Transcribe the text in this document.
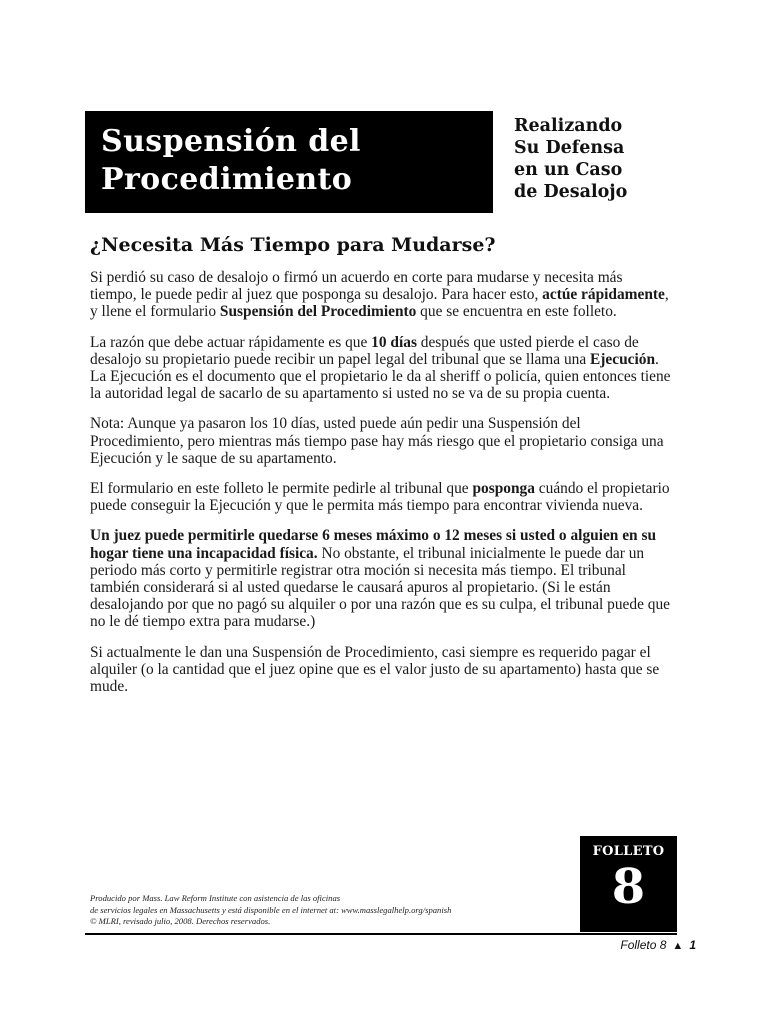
Suspensión del
Procedimiento
Realizando
Su Defensa
en un Caso
de Desalojo
¿Necesita Más Tiempo para Mudarse?

Si perdió su caso de desalojo o firmó un acuerdo en corte para mudarse y necesita más tiempo, le puede pedir al juez que posponga su desalojo. Para hacer esto, actúe rápidamente, y llene el formulario Suspensión del Procedimiento que se encuentra en este folleto.

La razón que debe actuar rápidamente es que 10 días después que usted pierde el caso de desalojo su propietario puede recibir un papel legal del tribunal que se llama una Ejecución. La Ejecución es el documento que el propietario le da al sheriff o policía, quien entonces tiene la autoridad legal de sacarlo de su apartamento si usted no se va de su propia cuenta.

Nota: Aunque ya pasaron los 10 días, usted puede aún pedir una Suspensión del Procedimiento, pero mientras más tiempo pase hay más riesgo que el propietario consiga una Ejecución y le saque de su apartamento.

El formulario en este folleto le permite pedirle al tribunal que posponga cuándo el propietario puede conseguir la Ejecución y que le permita más tiempo para encontrar vivienda nueva.

Un juez puede permitirle quedarse 6 meses máximo o 12 meses si usted o alguien en su hogar tiene una incapacidad física. No obstante, el tribunal inicialmente le puede dar un periodo más corto y permitirle registrar otra moción si necesita más tiempo. El tribunal también considerará si al usted quedarse le causará apuros al propietario. (Si le están desalojando por que no pagó su alquiler o por una razón que es su culpa, el tribunal puede que no le dé tiempo extra para mudarse.)

Si actualmente le dan una Suspensión de Procedimiento, casi siempre es requerido pagar el alquiler (o la cantidad que el juez opine que es el valor justo de su apartamento) hasta que se mude.

Producido por Mass. Law Reform Institute con asistencia de las oficinas
de servicios legales en Massachusetts y está disponible en el internet at: www.masslegalhelp.org/spanish
© MLRI, revisado julio, 2008. Derechos reservados.
FOLLETO
8
Folleto 8 ▲ 1
